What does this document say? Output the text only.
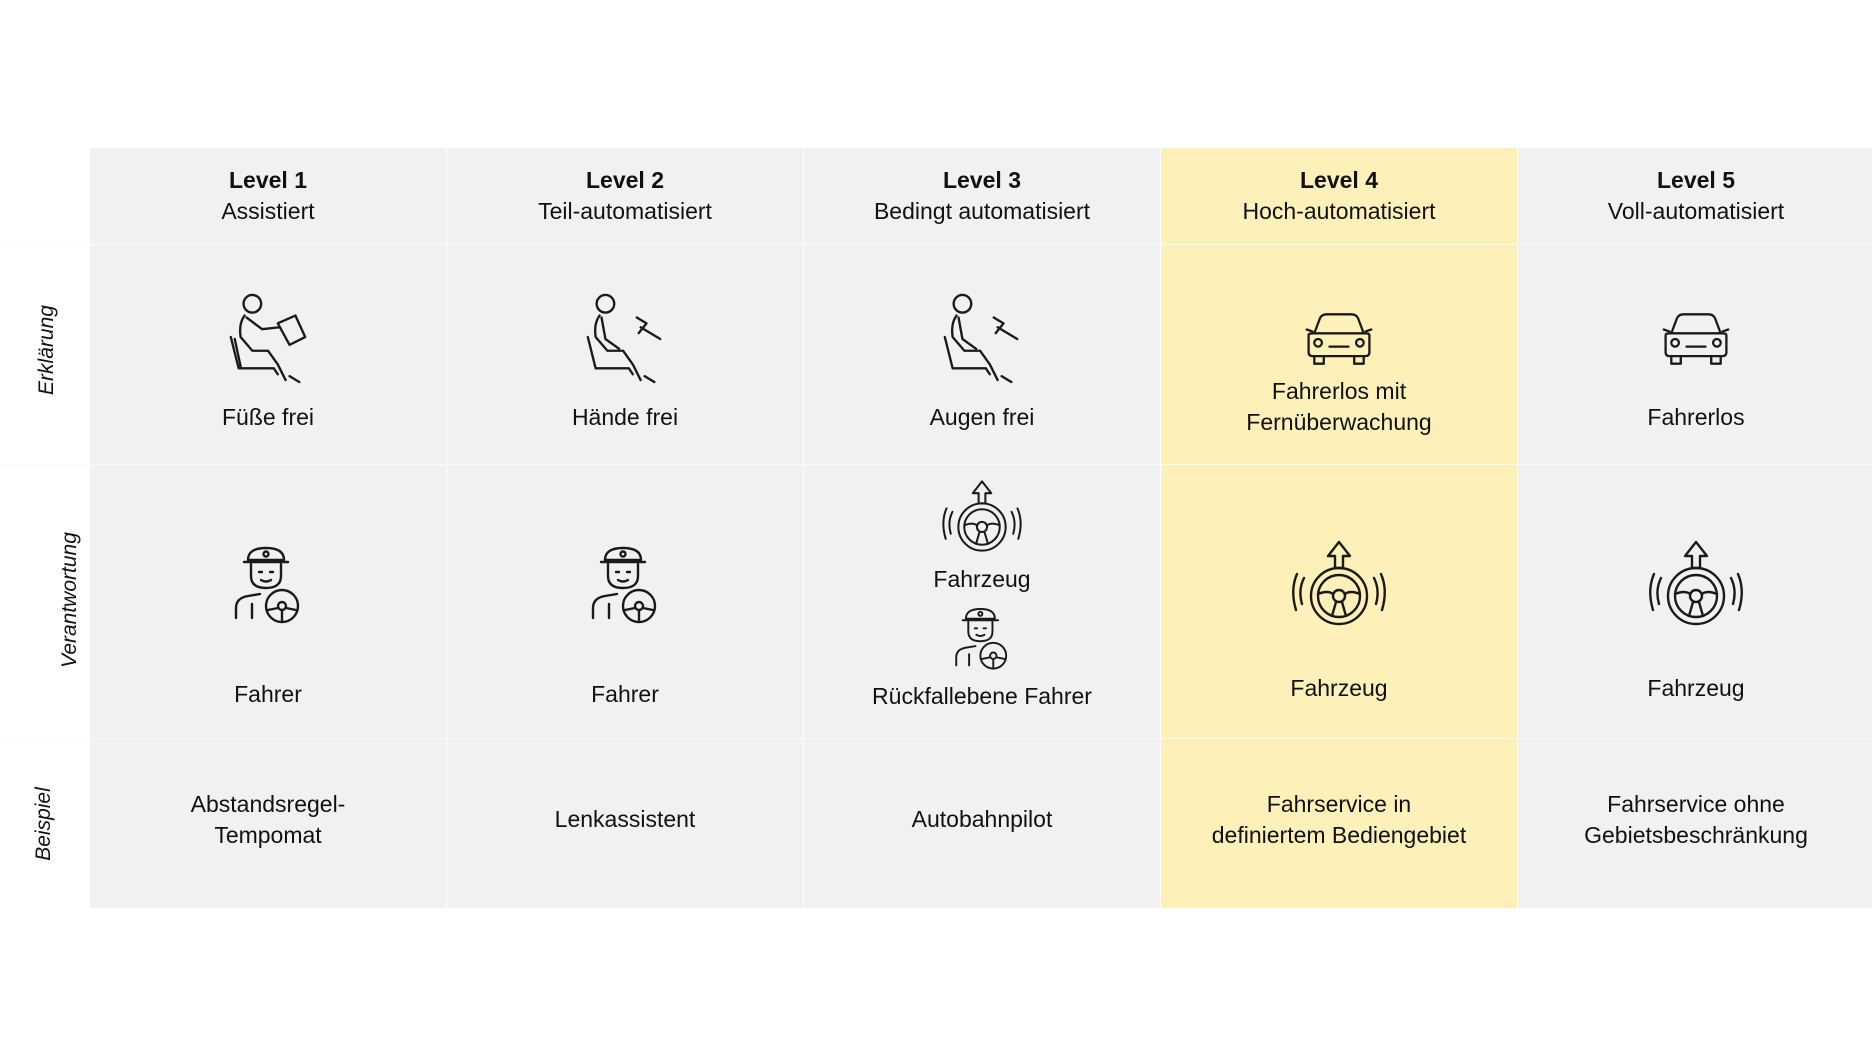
Erklärung
Verantwortung
Beispiel
Level 1
Assistiert
Füße frei
Fahrer
Abstandsregel-
Tempomat
Level 2
Teil-automatisiert
Hände frei
Fahrer
Lenkassistent
Level 3
Bedingt automatisiert
Augen frei
Fahrzeug
Rückfallebene Fahrer
Autobahnpilot
Level 4
Hoch-automatisiert
Fahrerlos mit
Fernüberwachung
Fahrzeug
Fahrservice in
definiertem Bediengebiet
Level 5
Voll-automatisiert
Fahrerlos
Fahrzeug
Fahrservice ohne
Gebietsbeschränkung
